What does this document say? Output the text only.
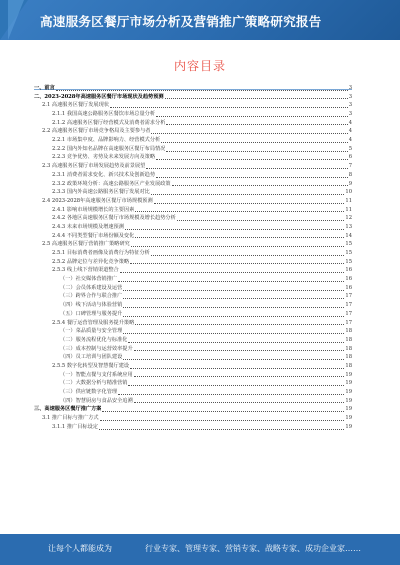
高速服务区餐厅市场分析及营销推广策略研究报告
内容目录
一、前言	3
二、2023-2028年高速服务区餐厅市场现状及趋势预测	3
2.1 高速服务区餐厅发展现状	3
2.1.1 我国高速公路服务区餐饮市场总量分析	3
2.1.2 高速服务区餐厅经营模式及消费者需求分析	4
2.2 高速服务区餐厅市场竞争格局及主要参与者	4
2.2.1 市场集中度、品牌影响力、经营模式分析	4
2.2.2 国内外知名品牌在高速服务区餐厅布局情况	5
2.2.3 竞争优势、劣势及未来发展方向及策略	6
2.3 高速服务区餐厅市场发展趋势及前景展望	7
2.3.1 消费者需求变化、新兴技术及创新趋势	8
2.3.2 政策环境分析：高速公路服务区产业发展政策	9
2.3.3 国内外高速公路服务区餐厅发展对比	10
2.4 2023-2028年高速服务区餐厅市场规模预测	11
2.4.1 影响市场规模增长的主要因素	11
2.4.2 各地区高速服务区餐厅市场规模及增长趋势分析	12
2.4.3 未来市场规模及增速预测	13
2.4.4 不同类型餐厅市场份额及变化	14
2.5 高速服务区餐厅营销推广策略研究	15
2.5.1 目标消费者画像及消费行为特征分析	15
2.5.2 品牌定位与差异化竞争策略	15
2.5.3 线上线下营销渠道整合	16
（一）社交媒体营销推广	16
（二）会员体系建设及运营	16
（三）跨界合作与联合推广	17
（四）线下活动与体验营销	17
（五）口碑管理与服务提升	17
2.5.4 餐厅运营管理及服务提升策略	17
（一）菜品质量与安全管理	18
（二）服务流程优化与标准化	18
（三）成本控制与运营效率提升	18
（四）员工培训与团队建设	18
2.5.5 数字化转型及智慧餐厅建设	18
（一）智能点餐与支付系统应用	19
（二）大数据分析与精准营销	19
（三）供应链数字化管理	19
（四）智慧厨房与食品安全追溯	19
三、高速服务区餐厅推广方案	19
3.1 推广目标与推广方式	19
3.1.1 推广目标设定	19
让每个人都能成为	行业专家、管理专家、营销专家、战略专家、成功企业家……
